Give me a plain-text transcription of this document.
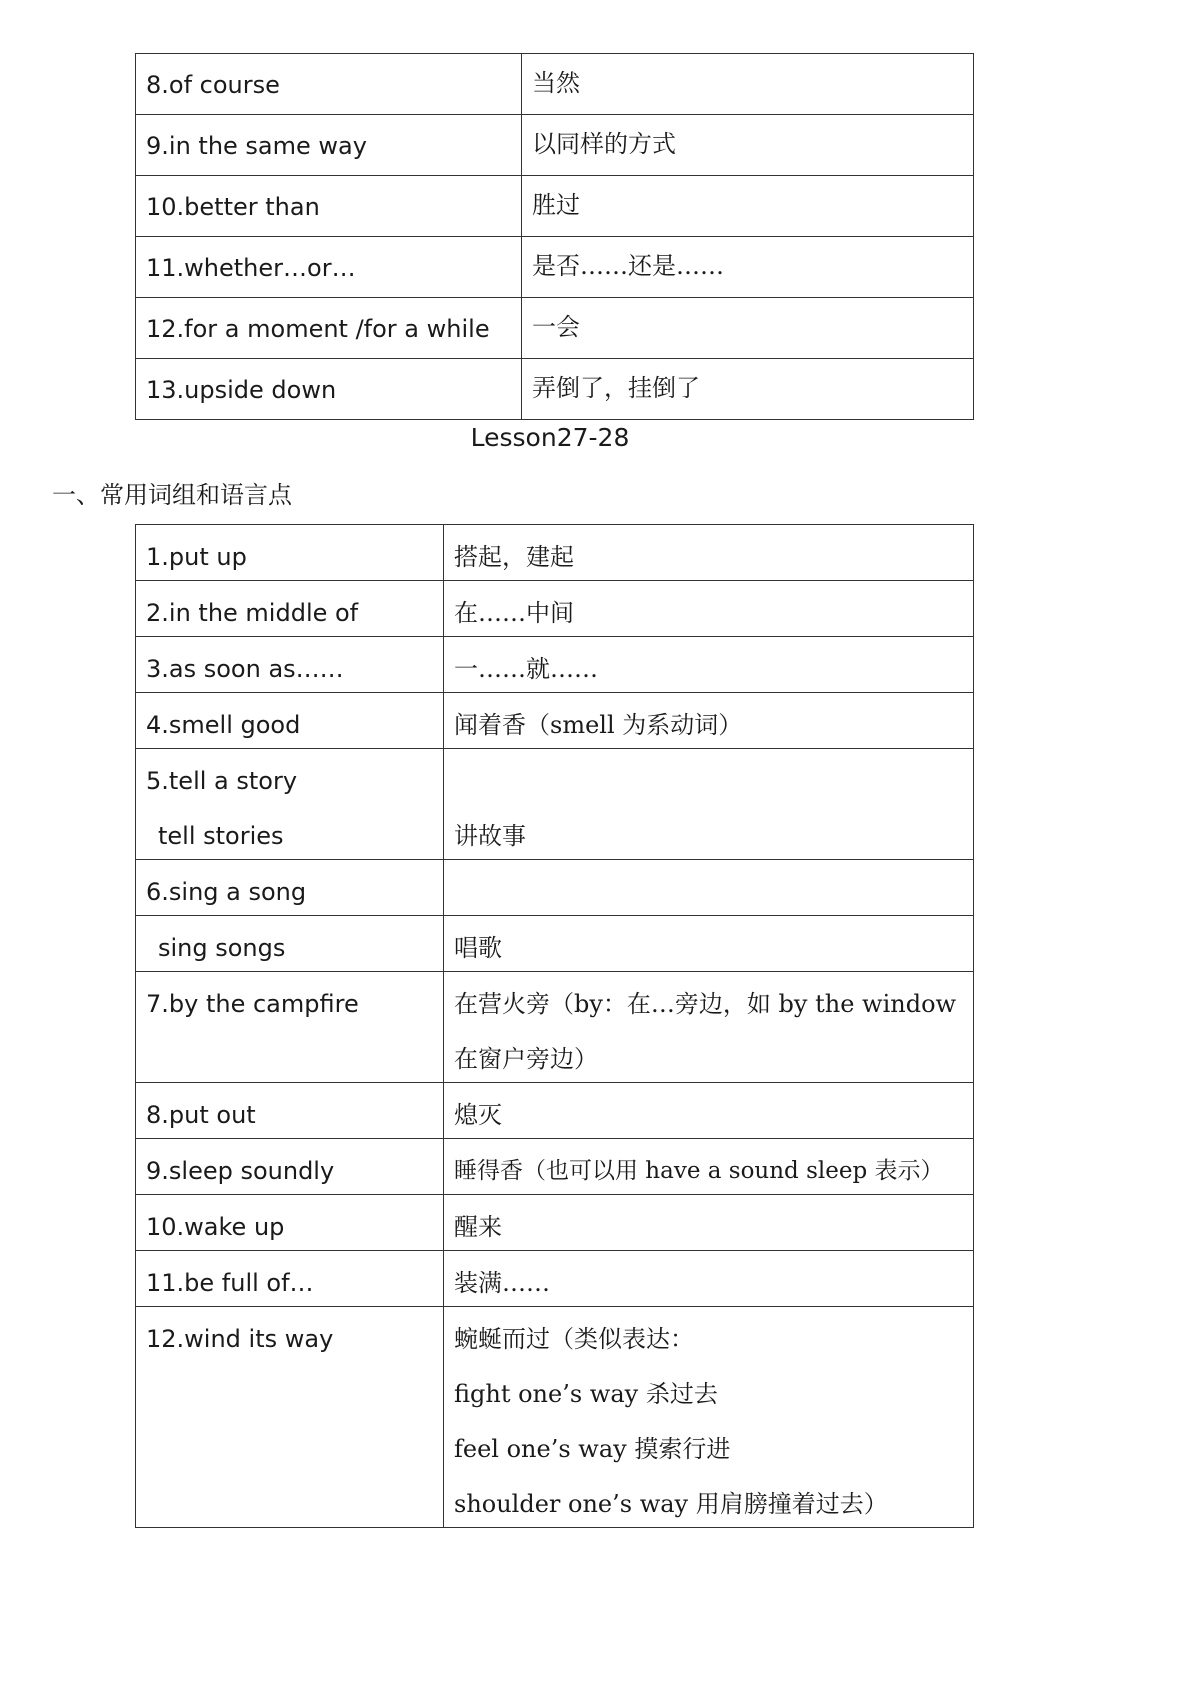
8.of course	当然
9.in the same way	以同样的方式
10.better than	胜过
11.whether…or…	是否……还是……
12.for a moment /for a while	一会
13.upside down	弄倒了，挂倒了
Lesson27-28
一、常用词组和语言点
1.put up	搭起，建起

2.in the middle of	在……中间

3.as soon as……	一……就……

4.smell good	闻着香（smell 为系动词）

5.tell a story
tell stories	讲故事

6.sing a song	

sing songs	唱歌

7.by the campfire	在营火旁（by：在…旁边，如 by the window
在窗户旁边）

8.put out	熄灭

9.sleep soundly	睡得香（也可以用 have a sound sleep 表示）

10.wake up	醒来

11.be full of…	装满……

12.wind its way	蜿蜒而过（类似表达：
fight one’s way 杀过去
feel one’s way 摸索行进
shoulder one’s way 用肩膀撞着过去）
